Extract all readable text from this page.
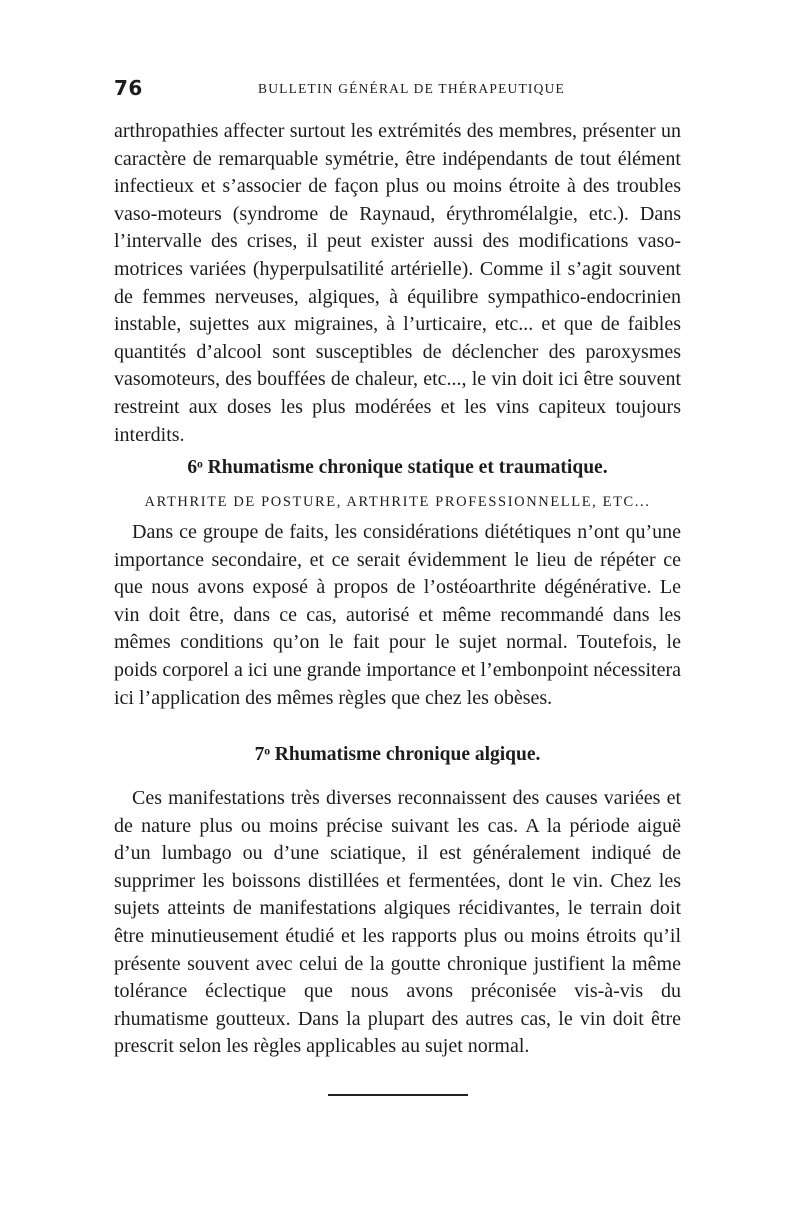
76	BULLETIN GÉNÉRAL DE THÉRAPEUTIQUE

arthropathies affecter surtout les extrémités des membres, présenter un caractère de remarquable symétrie, être indépendants de tout élément infectieux et s’associer de façon plus ou moins étroite à des troubles vaso-moteurs (syndrome de Raynaud, érythromélalgie, etc.). Dans l’intervalle des crises, il peut exister aussi des modifications vaso-motrices variées (hyperpulsatilité artérielle). Comme il s’agit souvent de femmes nerveuses, algiques, à équilibre sympathico-endocrinien instable, sujettes aux migraines, à l’urticaire, etc... et que de faibles quantités d’alcool sont susceptibles de déclencher des paroxysmes vasomoteurs, des bouffées de chaleur, etc..., le vin doit ici être souvent restreint aux doses les plus modérées et les vins capiteux toujours interdits.

6ᵒ Rhumatisme chronique statique et traumatique.
ARTHRITE DE POSTURE, ARTHRITE PROFESSIONNELLE, ETC...

Dans ce groupe de faits, les considérations diététiques n’ont qu’une importance secondaire, et ce serait évidemment le lieu de répéter ce que nous avons exposé à propos de l’ostéoarthrite dégénérative. Le vin doit être, dans ce cas, autorisé et même recommandé dans les mêmes conditions qu’on le fait pour le sujet normal. Toutefois, le poids corporel a ici une grande importance et l’embonpoint nécessitera ici l’application des mêmes règles que chez les obèses.

7ᵒ Rhumatisme chronique algique.

Ces manifestations très diverses reconnaissent des causes variées et de nature plus ou moins précise suivant les cas. A la période aiguë d’un lumbago ou d’une sciatique, il est généralement indiqué de supprimer les boissons distillées et fermentées, dont le vin. Chez les sujets atteints de manifestations algiques récidivantes, le terrain doit être minutieusement étudié et les rapports plus ou moins étroits qu’il présente souvent avec celui de la goutte chronique justifient la même tolérance éclectique que nous avons préconisée vis-à-vis du rhumatisme goutteux. Dans la plupart des autres cas, le vin doit être prescrit selon les règles applicables au sujet normal.
